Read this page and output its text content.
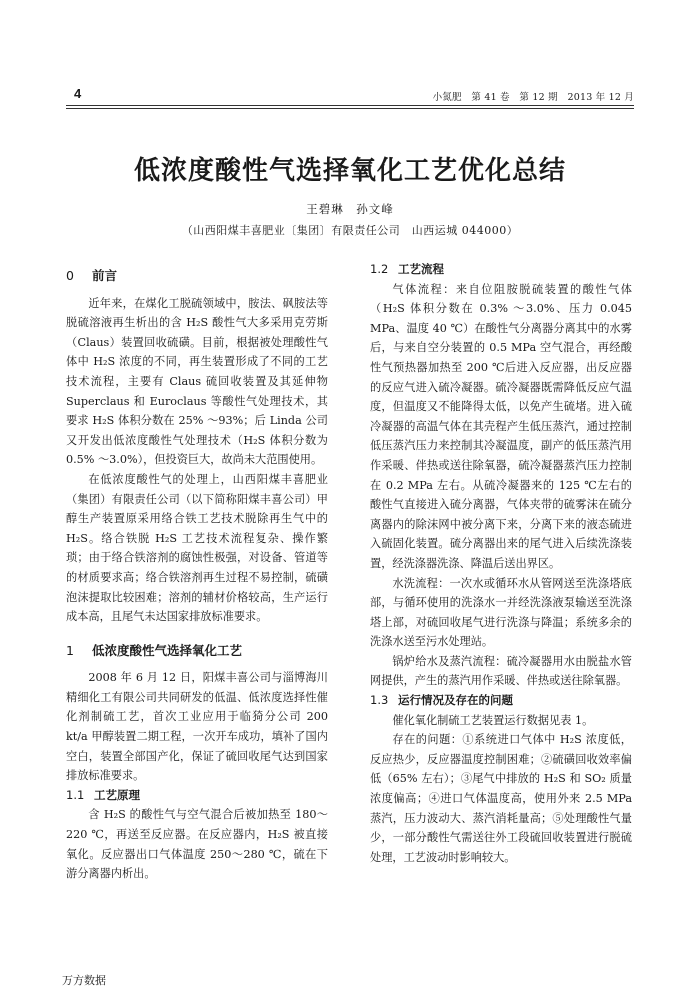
4	小氮肥　第 41 卷　第 12 期　2013 年 12 月
低浓度酸性气选择氧化工艺优化总结
王碧琳　孙文峰
（山西阳煤丰喜肥业〔集团〕有限责任公司　山西运城 044000）
0 前言

近年来，在煤化工脱硫领域中，胺法、砜胺法等脱硫溶液再生析出的含 H₂S 酸性气大多采用克劳斯（Claus）装置回收硫磺。目前，根据被处理酸性气体中 H₂S 浓度的不同，再生装置形成了不同的工艺技术流程，主要有 Claus 硫回收装置及其延伸物 Superclaus 和 Euroclaus 等酸性气处理技术，其要求 H₂S 体积分数在 25% ～93%；后 Linda 公司又开发出低浓度酸性气处理技术（H₂S 体积分数为 0.5% ～3.0%），但投资巨大，故尚未大范围使用。

在低浓度酸性气的处理上，山西阳煤丰喜肥业（集团）有限责任公司（以下简称阳煤丰喜公司）甲醇生产装置原采用络合铁工艺技术脱除再生气中的 H₂S。络合铁脱 H₂S 工艺技术流程复杂、操作繁琐；由于络合铁溶剂的腐蚀性极强，对设备、管道等的材质要求高；络合铁溶剂再生过程不易控制，硫磺泡沫提取比较困难；溶剂的辅材价格较高，生产运行成本高，且尾气未达国家排放标准要求。

1 低浓度酸性气选择氧化工艺

2008 年 6 月 12 日，阳煤丰喜公司与淄博海川精细化工有限公司共同研发的低温、低浓度选择性催化剂制硫工艺，首次工业应用于临猗分公司 200 kt/a 甲醇装置二期工程，一次开车成功，填补了国内空白，装置全部国产化，保证了硫回收尾气达到国家排放标准要求。

1.1 工艺原理

含 H₂S 的酸性气与空气混合后被加热至 180～220 ℃，再送至反应器。在反应器内，H₂S 被直接氧化。反应器出口气体温度 250～280 ℃，硫在下游分离器内析出。

1.2 工艺流程

气体流程：来自位阻胺脱硫装置的酸性气体（H₂S 体积分数在 0.3% ～3.0%、压力 0.045 MPa、温度 40 ℃）在酸性气分离器分离其中的水雾后，与来自空分装置的 0.5 MPa 空气混合，再经酸性气预热器加热至 200 ℃后进入反应器，出反应器的反应气进入硫冷凝器。硫冷凝器既需降低反应气温度，但温度又不能降得太低，以免产生硫堵。进入硫冷凝器的高温气体在其壳程产生低压蒸汽，通过控制低压蒸汽压力来控制其冷凝温度，副产的低压蒸汽用作采暖、伴热或送往除氧器，硫冷凝器蒸汽压力控制在 0.2 MPa 左右。从硫冷凝器来的 125 ℃左右的酸性气直接进入硫分离器，气体夹带的硫雾沫在硫分离器内的除沫网中被分离下来，分离下来的液态硫进入硫固化装置。硫分离器出来的尾气进入后续洗涤装置，经洗涤器洗涤、降温后送出界区。

水洗流程：一次水或循环水从管网送至洗涤塔底部，与循环使用的洗涤水一并经洗涤液泵输送至洗涤塔上部，对硫回收尾气进行洗涤与降温；系统多余的洗涤水送至污水处理站。

锅炉给水及蒸汽流程：硫冷凝器用水由脱盐水管网提供，产生的蒸汽用作采暖、伴热或送往除氧器。

1.3 运行情况及存在的问题

催化氧化制硫工艺装置运行数据见表 1。

存在的问题：①系统进口气体中 H₂S 浓度低，反应热少，反应器温度控制困难；②硫磺回收效率偏低（65% 左右）；③尾气中排放的 H₂S 和 SO₂ 质量浓度偏高；④进口气体温度高，使用外来 2.5 MPa蒸汽，压力波动大、蒸汽消耗量高；⑤处理酸性气量少，一部分酸性气需送往外工段硫回收装置进行脱硫处理，工艺波动时影响较大。

万方数据
